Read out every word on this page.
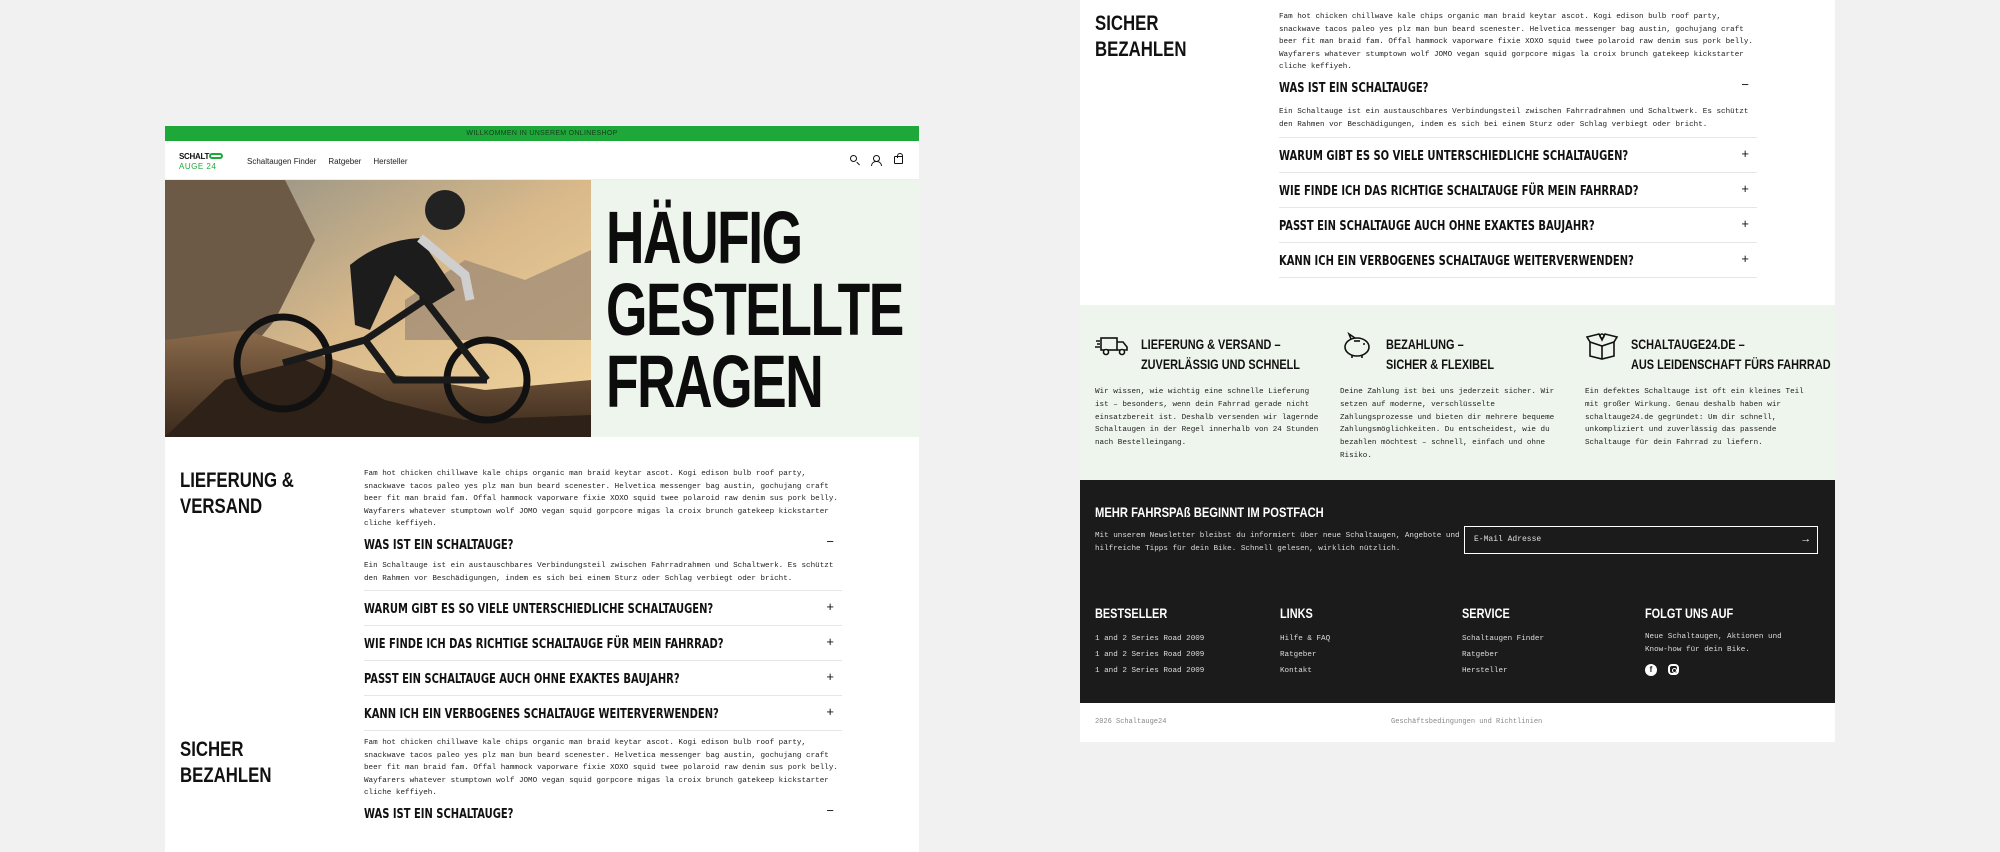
WILLKOMMEN IN UNSEREM ONLINESHOP
SCHALT
AUGE 24
Schaltaugen Finder Ratgeber Hersteller
HÄUFIG
GESTELLTE
FRAGEN
LIEFERUNG &
VERSAND
Fam hot chicken chillwave kale chips organic man braid keytar ascot. Kogi edison bulb roof party, snackwave tacos paleo yes plz man bun beard scenester. Helvetica messenger bag austin, gochujang craft beer fit man braid fam. Offal hammock vaporware fixie XOXO squid twee polaroid raw denim sus pork belly. Wayfarers whatever stumptown wolf JOMO vegan squid gorpcore migas la croix brunch gatekeep kickstarter cliche keffiyeh.
WAS IST EIN SCHALTAUGE?	−
Ein Schaltauge ist ein austauschbares Verbindungsteil zwischen Fahrradrahmen und Schaltwerk. Es schützt den Rahmen vor Beschädigungen, indem es sich bei einem Sturz oder Schlag verbiegt oder bricht.
WARUM GIBT ES SO VIELE UNTERSCHIEDLICHE SCHALTAUGEN?	+
WIE FINDE ICH DAS RICHTIGE SCHALTAUGE FÜR MEIN FAHRRAD?	+
PASST EIN SCHALTAUGE AUCH OHNE EXAKTES BAUJAHR?	+
KANN ICH EIN VERBOGENES SCHALTAUGE WEITERVERWENDEN?	+
SICHER
BEZAHLEN
Fam hot chicken chillwave kale chips organic man braid keytar ascot. Kogi edison bulb roof party, snackwave tacos paleo yes plz man bun beard scenester. Helvetica messenger bag austin, gochujang craft beer fit man braid fam. Offal hammock vaporware fixie XOXO squid twee polaroid raw denim sus pork belly. Wayfarers whatever stumptown wolf JOMO vegan squid gorpcore migas la croix brunch gatekeep kickstarter cliche keffiyeh.
WAS IST EIN SCHALTAUGE?	−
SICHER
BEZAHLEN
Fam hot chicken chillwave kale chips organic man braid keytar ascot. Kogi edison bulb roof party, snackwave tacos paleo yes plz man bun beard scenester. Helvetica messenger bag austin, gochujang craft beer fit man braid fam. Offal hammock vaporware fixie XOXO squid twee polaroid raw denim sus pork belly. Wayfarers whatever stumptown wolf JOMO vegan squid gorpcore migas la croix brunch gatekeep kickstarter cliche keffiyeh.
WAS IST EIN SCHALTAUGE?	−
Ein Schaltauge ist ein austauschbares Verbindungsteil zwischen Fahrradrahmen und Schaltwerk. Es schützt den Rahmen vor Beschädigungen, indem es sich bei einem Sturz oder Schlag verbiegt oder bricht.
WARUM GIBT ES SO VIELE UNTERSCHIEDLICHE SCHALTAUGEN?	+
WIE FINDE ICH DAS RICHTIGE SCHALTAUGE FÜR MEIN FAHRRAD?	+
PASST EIN SCHALTAUGE AUCH OHNE EXAKTES BAUJAHR?	+
KANN ICH EIN VERBOGENES SCHALTAUGE WEITERVERWENDEN?	+
LIEFERUNG & VERSAND –
ZUVERLÄSSIG UND SCHNELL
Wir wissen, wie wichtig eine schnelle Lieferung ist – besonders, wenn dein Fahrrad gerade nicht einsatzbereit ist. Deshalb versenden wir lagernde Schaltaugen in der Regel innerhalb von 24 Stunden nach Bestelleingang.
BEZAHLUNG –
SICHER & FLEXIBEL
Deine Zahlung ist bei uns jederzeit sicher. Wir setzen auf moderne, verschlüsselte Zahlungsprozesse und bieten dir mehrere bequeme Zahlungsmöglichkeiten. Du entscheidest, wie du bezahlen möchtest – schnell, einfach und ohne Risiko.
SCHALTAUGE24.DE –
AUS LEIDENSCHAFT FÜRS FAHRRAD
Ein defektes Schaltauge ist oft ein kleines Teil mit großer Wirkung. Genau deshalb haben wir schaltauge24.de gegründet: Um dir schnell, unkompliziert und zuverlässig das passende Schaltauge für dein Fahrrad zu liefern.
MEHR FAHRSPAß BEGINNT IM POSTFACH
Mit unserem Newsletter bleibst du informiert über neue Schaltaugen, Angebote und hilfreiche Tipps für dein Bike. Schnell gelesen, wirklich nützlich.
E-Mail Adresse	→
BESTSELLER
1 and 2 Series Road 2009
1 and 2 Series Road 2009
1 and 2 Series Road 2009
LINKS
Hilfe & FAQ
Ratgeber
Kontakt
SERVICE
Schaltaugen Finder
Ratgeber
Hersteller
FOLGT UNS AUF
Neue Schaltaugen, Aktionen und Know-how für dein Bike.
f
2026 Schaltauge24	Geschäftsbedingungen und Richtlinien
